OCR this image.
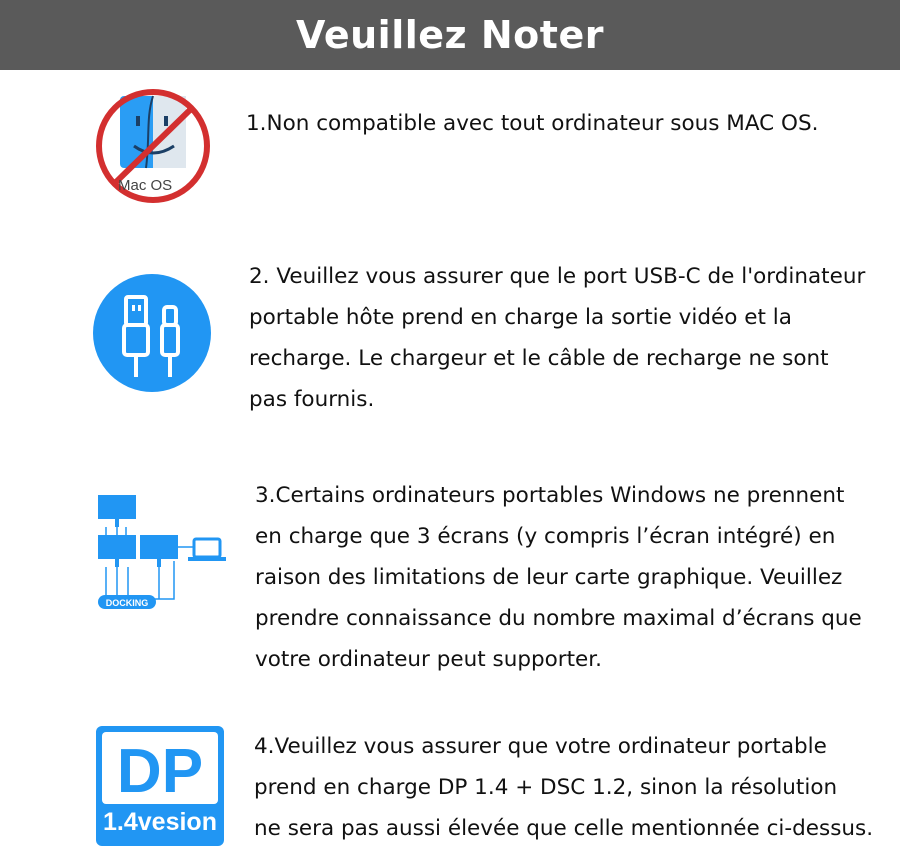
Veuillez Noter
Mac OS

1.Non compatible avec tout ordinateur sous MAC OS.

2. Veuillez vous assurer que le port USB-C de l'ordinateur
portable hôte prend en charge la sortie vidéo et la
recharge. Le chargeur et le câble de recharge ne sont
pas fournis.

DOCKING

3.Certains ordinateurs portables Windows ne prennent
en charge que 3 écrans (y compris l’écran intégré) en
raison des limitations de leur carte graphique. Veuillez
prendre connaissance du nombre maximal d’écrans que
votre ordinateur peut supporter.

DP
1.4vesion

4.Veuillez vous assurer que votre ordinateur portable
prend en charge DP 1.4 + DSC 1.2, sinon la résolution
ne sera pas aussi élevée que celle mentionnée ci-dessus.
